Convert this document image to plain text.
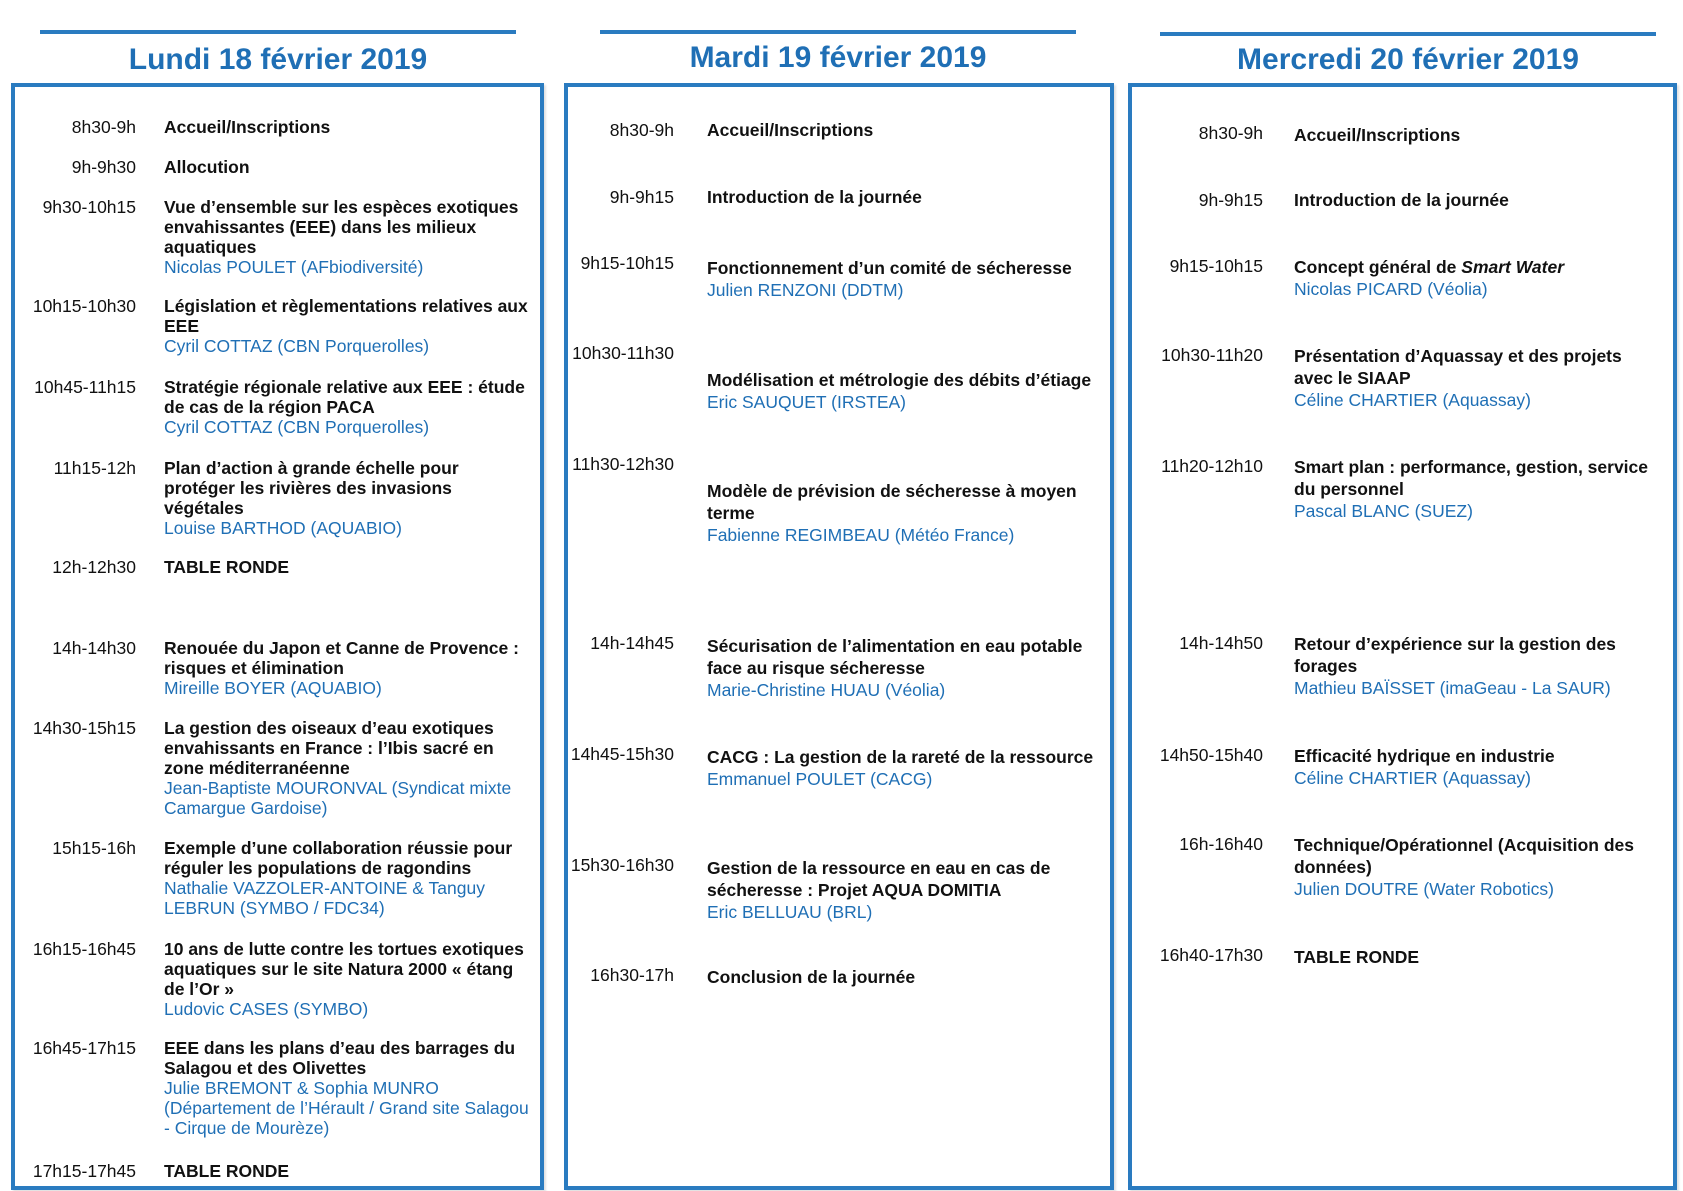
Lundi 18 février 2019	Mardi 19 février 2019	Mercredi 20 février 2019
8h30-9h Accueil/Inscriptions
9h-9h30 Allocution
9h30-10h15 Vue d’ensemble sur les espèces exotiques envahissantes (EEE) dans les milieux aquatiques
Nicolas POULET (AFbiodiversité)
10h15-10h30 Législation et règlementations relatives aux EEE
Cyril COTTAZ (CBN Porquerolles)
10h45-11h15 Stratégie régionale relative aux EEE : étude de cas de la région PACA
Cyril COTTAZ (CBN Porquerolles)
11h15-12h Plan d’action à grande échelle pour protéger les rivières des invasions végétales
Louise BARTHOD (AQUABIO)
12h-12h30 TABLE RONDE
14h-14h30 Renouée du Japon et Canne de Provence : risques et élimination
Mireille BOYER (AQUABIO)
14h30-15h15 La gestion des oiseaux d’eau exotiques envahissants en France : l’Ibis sacré en zone méditerranéenne
Jean-Baptiste MOURONVAL (Syndicat mixte Camargue Gardoise)
15h15-16h Exemple d’une collaboration réussie pour réguler les populations de ragondins
Nathalie VAZZOLER-ANTOINE & Tanguy LEBRUN (SYMBO / FDC34)
16h15-16h45 10 ans de lutte contre les tortues exotiques aquatiques sur le site Natura 2000 « étang de l’Or »
Ludovic CASES (SYMBO)
16h45-17h15 EEE dans les plans d’eau des barrages du Salagou et des Olivettes
Julie BREMONT & Sophia MUNRO (Département de l’Hérault / Grand site Salagou - Cirque de Mourèze)
17h15-17h45 TABLE RONDE
8h30-9h Accueil/Inscriptions
9h-9h15 Introduction de la journée
9h15-10h15 Fonctionnement d’un comité de sécheresse
Julien RENZONI (DDTM)
10h30-11h30
Modélisation et métrologie des débits d’étiage
Eric SAUQUET (IRSTEA)
11h30-12h30
Modèle de prévision de sécheresse à moyen terme
Fabienne REGIMBEAU (Météo France)
14h-14h45 Sécurisation de l’alimentation en eau potable face au risque sécheresse
Marie-Christine HUAU (Véolia)
14h45-15h30 CACG : La gestion de la rareté de la ressource
Emmanuel POULET (CACG)
15h30-16h30 Gestion de la ressource en eau en cas de sécheresse : Projet AQUA DOMITIA
Eric BELLUAU (BRL)
16h30-17h Conclusion de la journée
8h30-9h Accueil/Inscriptions
9h-9h15 Introduction de la journée
9h15-10h15 Concept général de Smart Water
Nicolas PICARD (Véolia)
10h30-11h20 Présentation d’Aquassay et des projets avec le SIAAP
Céline CHARTIER (Aquassay)
11h20-12h10 Smart plan : performance, gestion, service du personnel
Pascal BLANC (SUEZ)
14h-14h50 Retour d’expérience sur la gestion des forages
Mathieu BAÏSSET (imaGeau - La SAUR)
14h50-15h40 Efficacité hydrique en industrie
Céline CHARTIER (Aquassay)
16h-16h40 Technique/Opérationnel (Acquisition des données)
Julien DOUTRE (Water Robotics)
16h40-17h30 TABLE RONDE
